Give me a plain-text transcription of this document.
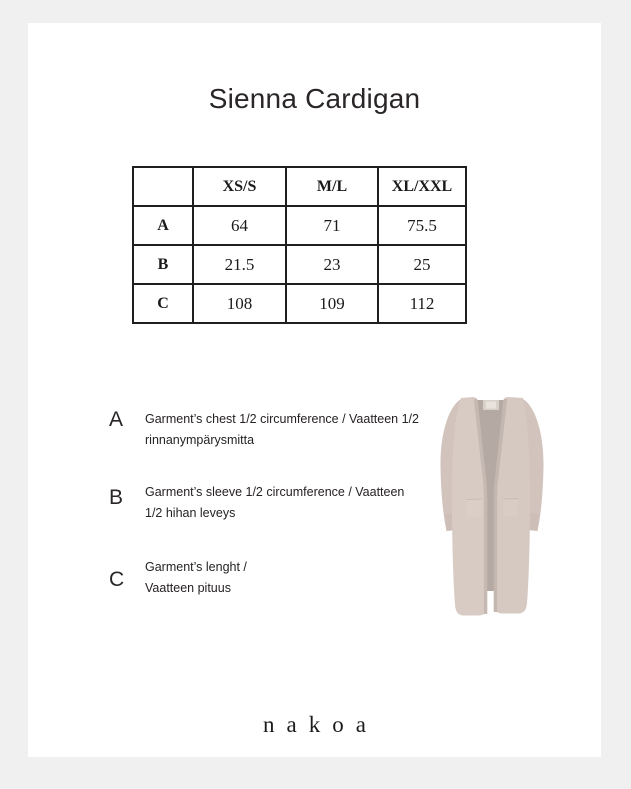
Sienna Cardigan
	XS/S	M/L	XL/XXL
A	64	71	75.5
B	21.5	23	25
C	108	109	112
A Garment’s chest 1/2 circumference / Vaatteen 1/2
rinnanympärysmitta
B Garment’s sleeve 1/2 circumference / Vaatteen
1/2 hihan leveys
C
Garment’s lenght /
Vaatteen pituus
nakoa
